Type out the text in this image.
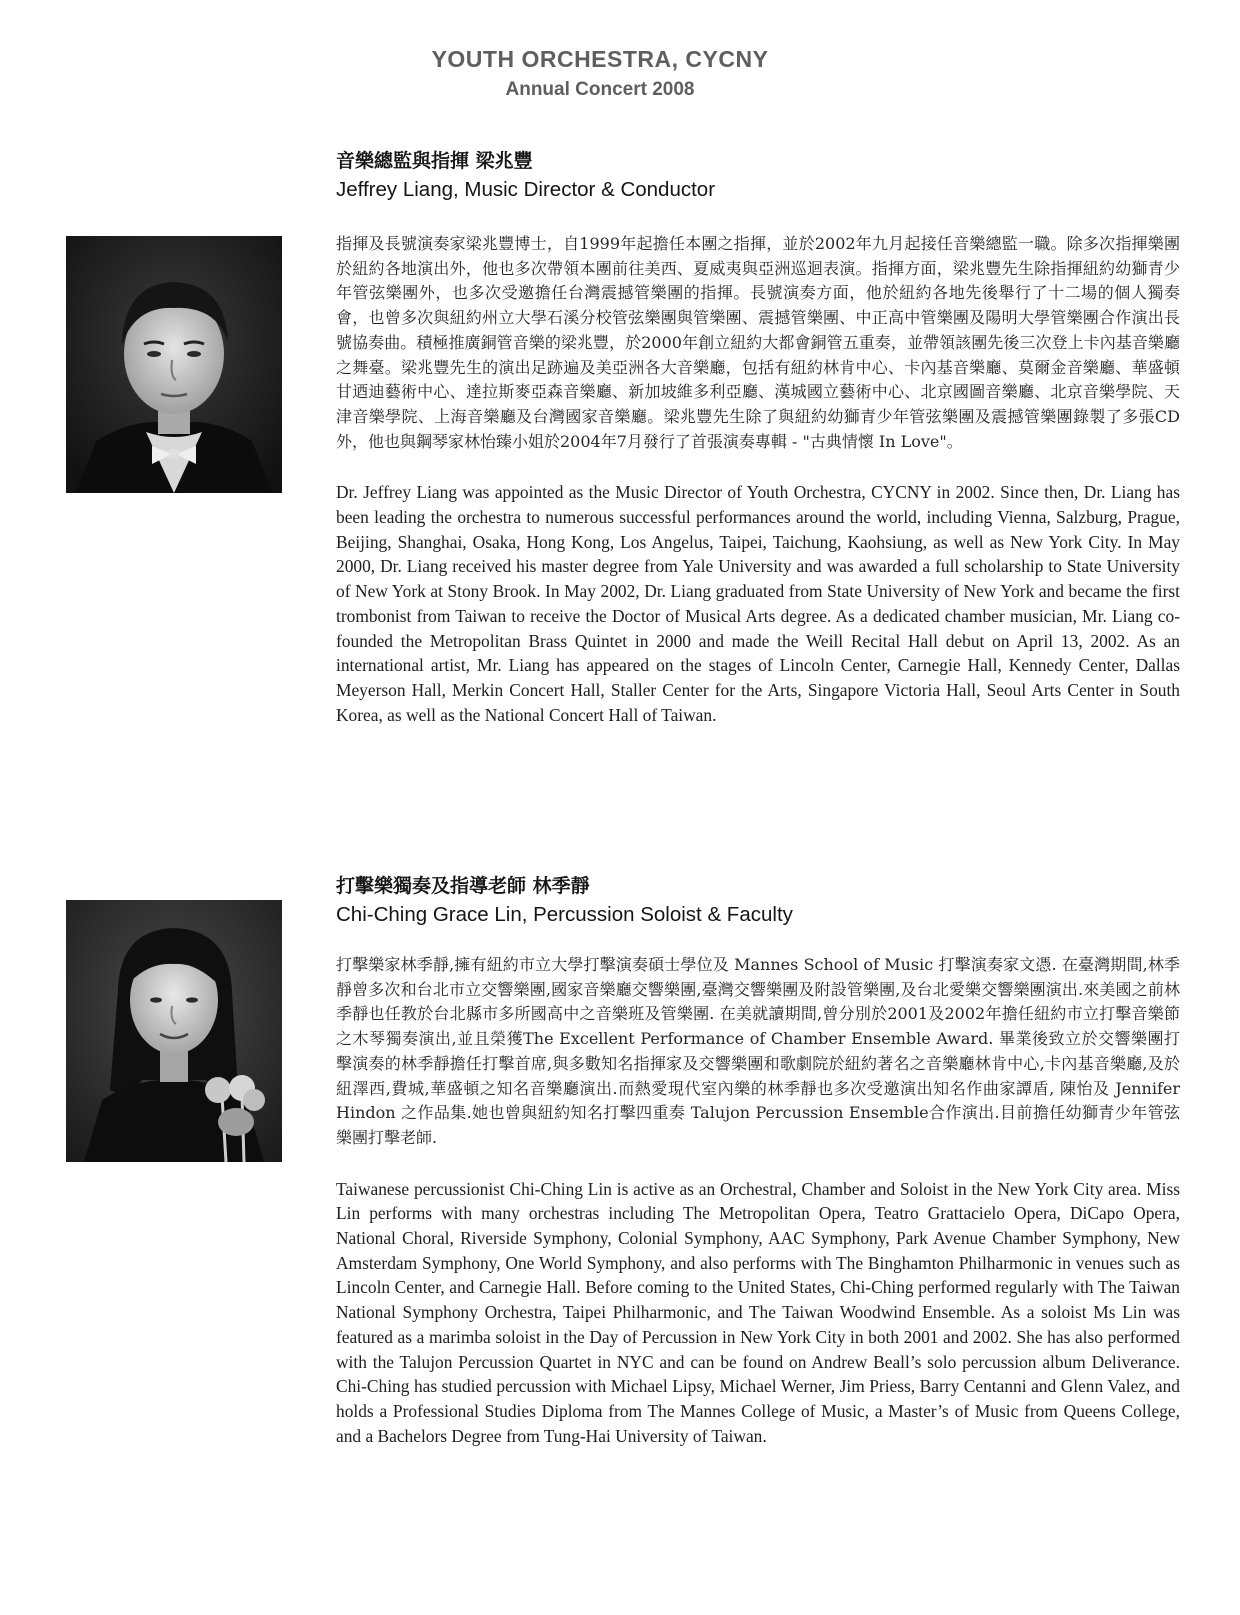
YOUTH ORCHESTRA, CYCNY
Annual Concert 2008
音樂總監與指揮 梁兆豐
Jeffrey Liang, Music Director & Conductor

指揮及長號演奏家梁兆豐博士，自1999年起擔任本團之指揮，並於2002年九月起接任音樂總監一職。除多次指揮樂團於紐約各地演出外，他也多次帶領本團前往美西、夏威夷與亞洲巡迴表演。指揮方面，梁兆豐先生除指揮紐約幼獅青少年管弦樂團外，也多次受邀擔任台灣震撼管樂團的指揮。長號演奏方面，他於紐約各地先後舉行了十二場的個人獨奏會，也曾多次與紐約州立大學石溪分校管弦樂團與管樂團、震撼管樂團、中正高中管樂團及陽明大學管樂團合作演出長號協奏曲。積極推廣銅管音樂的梁兆豐，於2000年創立紐約大都會銅管五重奏，並帶領該團先後三次登上卡內基音樂廳之舞臺。梁兆豐先生的演出足跡遍及美亞洲各大音樂廳，包括有紐約林肯中心、卡內基音樂廳、莫爾金音樂廳、華盛頓甘迺迪藝術中心、達拉斯麥亞森音樂廳、新加坡維多利亞廳、漢城國立藝術中心、北京國圖音樂廳、北京音樂學院、天津音樂學院、上海音樂廳及台灣國家音樂廳。梁兆豐先生除了與紐約幼獅青少年管弦樂團及震撼管樂團錄製了多張CD外，他也與鋼琴家林怡臻小姐於2004年7月發行了首張演奏專輯 - "古典情懷 In Love"。

Dr. Jeffrey Liang was appointed as the Music Director of Youth Orchestra, CYCNY in 2002. Since then, Dr. Liang has been leading the orchestra to numerous successful performances around the world, including Vienna, Salzburg, Prague, Beijing, Shanghai, Osaka, Hong Kong, Los Angelus, Taipei, Taichung, Kaohsiung, as well as New York City. In May 2000, Dr. Liang received his master degree from Yale University and was awarded a full scholarship to State University of New York at Stony Brook. In May 2002, Dr. Liang graduated from State University of New York and became the first trombonist from Taiwan to receive the Doctor of Musical Arts degree. As a dedicated chamber musician, Mr. Liang co-founded the Metropolitan Brass Quintet in 2000 and made the Weill Recital Hall debut on April 13, 2002. As an international artist, Mr. Liang has appeared on the stages of Lincoln Center, Carnegie Hall, Kennedy Center, Dallas Meyerson Hall, Merkin Concert Hall, Staller Center for the Arts, Singapore Victoria Hall, Seoul Arts Center in South Korea, as well as the National Concert Hall of Taiwan.

打擊樂獨奏及指導老師 林季靜
Chi-Ching Grace Lin, Percussion Soloist & Faculty

打擊樂家林季靜,擁有紐約市立大學打擊演奏碩士學位及 Mannes School of Music 打擊演奏家文憑. 在臺灣期間,林季靜曾多次和台北市立交響樂團,國家音樂廳交響樂團,臺灣交響樂團及附設管樂團,及台北愛樂交響樂團演出.來美國之前林季靜也任教於台北縣市多所國高中之音樂班及管樂團. 在美就讀期間,曾分別於2001及2002年擔任紐約市立打擊音樂節之木琴獨奏演出,並且榮獲The Excellent Performance of Chamber Ensemble Award. 畢業後致立於交響樂團打擊演奏的林季靜擔任打擊首席,與多數知名指揮家及交響樂團和歌劇院於紐約著名之音樂廳林肯中心,卡內基音樂廳,及於紐澤西,費城,華盛頓之知名音樂廳演出.而熱愛現代室內樂的林季靜也多次受邀演出知名作曲家譚盾, 陳怡及 Jennifer Hindon 之作品集.她也曾與紐約知名打擊四重奏 Talujon Percussion Ensemble合作演出.目前擔任幼獅青少年管弦樂團打擊老師.

Taiwanese percussionist Chi-Ching Lin is active as an Orchestral, Chamber and Soloist in the New York City area. Miss Lin performs with many orchestras including The Metropolitan Opera, Teatro Grattacielo Opera, DiCapo Opera, National Choral, Riverside Symphony, Colonial Symphony, AAC Symphony, Park Avenue Chamber Symphony, New Amsterdam Symphony, One World Symphony, and also performs with The Binghamton Philharmonic in venues such as Lincoln Center, and Carnegie Hall. Before coming to the United States, Chi-Ching performed regularly with The Taiwan National Symphony Orchestra, Taipei Philharmonic, and The Taiwan Woodwind Ensemble. As a soloist Ms Lin was featured as a marimba soloist in the Day of Percussion in New York City in both 2001 and 2002. She has also performed with the Talujon Percussion Quartet in NYC and can be found on Andrew Beall’s solo percussion album Deliverance. Chi-Ching has studied percussion with Michael Lipsy, Michael Werner, Jim Priess, Barry Centanni and Glenn Valez, and holds a Professional Studies Diploma from The Mannes College of Music, a Master’s of Music from Queens College, and a Bachelors Degree from Tung-Hai University of Taiwan.
